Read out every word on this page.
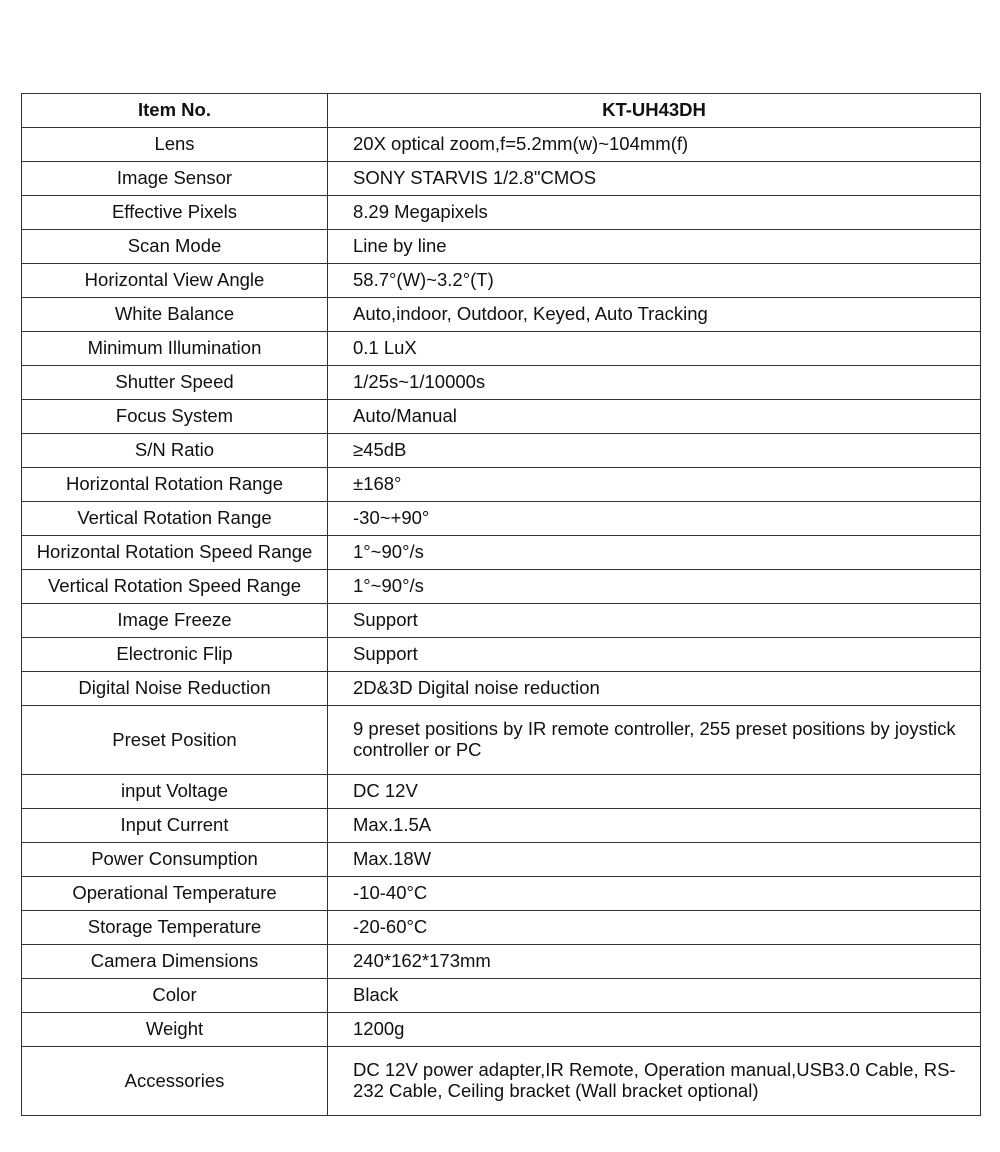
Item No.	KT-UH43DH
Lens	20X optical zoom,f=5.2mm(w)~104mm(f)
Image Sensor	SONY STARVIS 1/2.8"CMOS
Effective Pixels	8.29 Megapixels
Scan Mode	Line by line
Horizontal View Angle	58.7°(W)~3.2°(T)
White Balance	Auto,indoor, Outdoor, Keyed, Auto Tracking
Minimum Illumination	0.1 LuX
Shutter Speed	1/25s~1/10000s
Focus System	Auto/Manual
S/N Ratio	≥45dB
Horizontal Rotation Range	±168°
Vertical Rotation Range	-30~+90°
Horizontal Rotation Speed Range	1°~90°/s
Vertical Rotation Speed Range	1°~90°/s
Image Freeze	Support
Electronic Flip	Support
Digital Noise Reduction	2D&3D Digital noise reduction
Preset Position	9 preset positions by IR remote controller, 255 preset positions by joystick controller or PC
input Voltage	DC 12V
Input Current	Max.1.5A
Power Consumption	Max.18W
Operational Temperature	-10-40°C
Storage Temperature	-20-60°C
Camera Dimensions	240*162*173mm
Color	Black
Weight	1200g
Accessories	DC 12V power adapter,IR Remote, Operation manual,USB3.0 Cable, RS-232 Cable, Ceiling bracket (Wall bracket optional)
